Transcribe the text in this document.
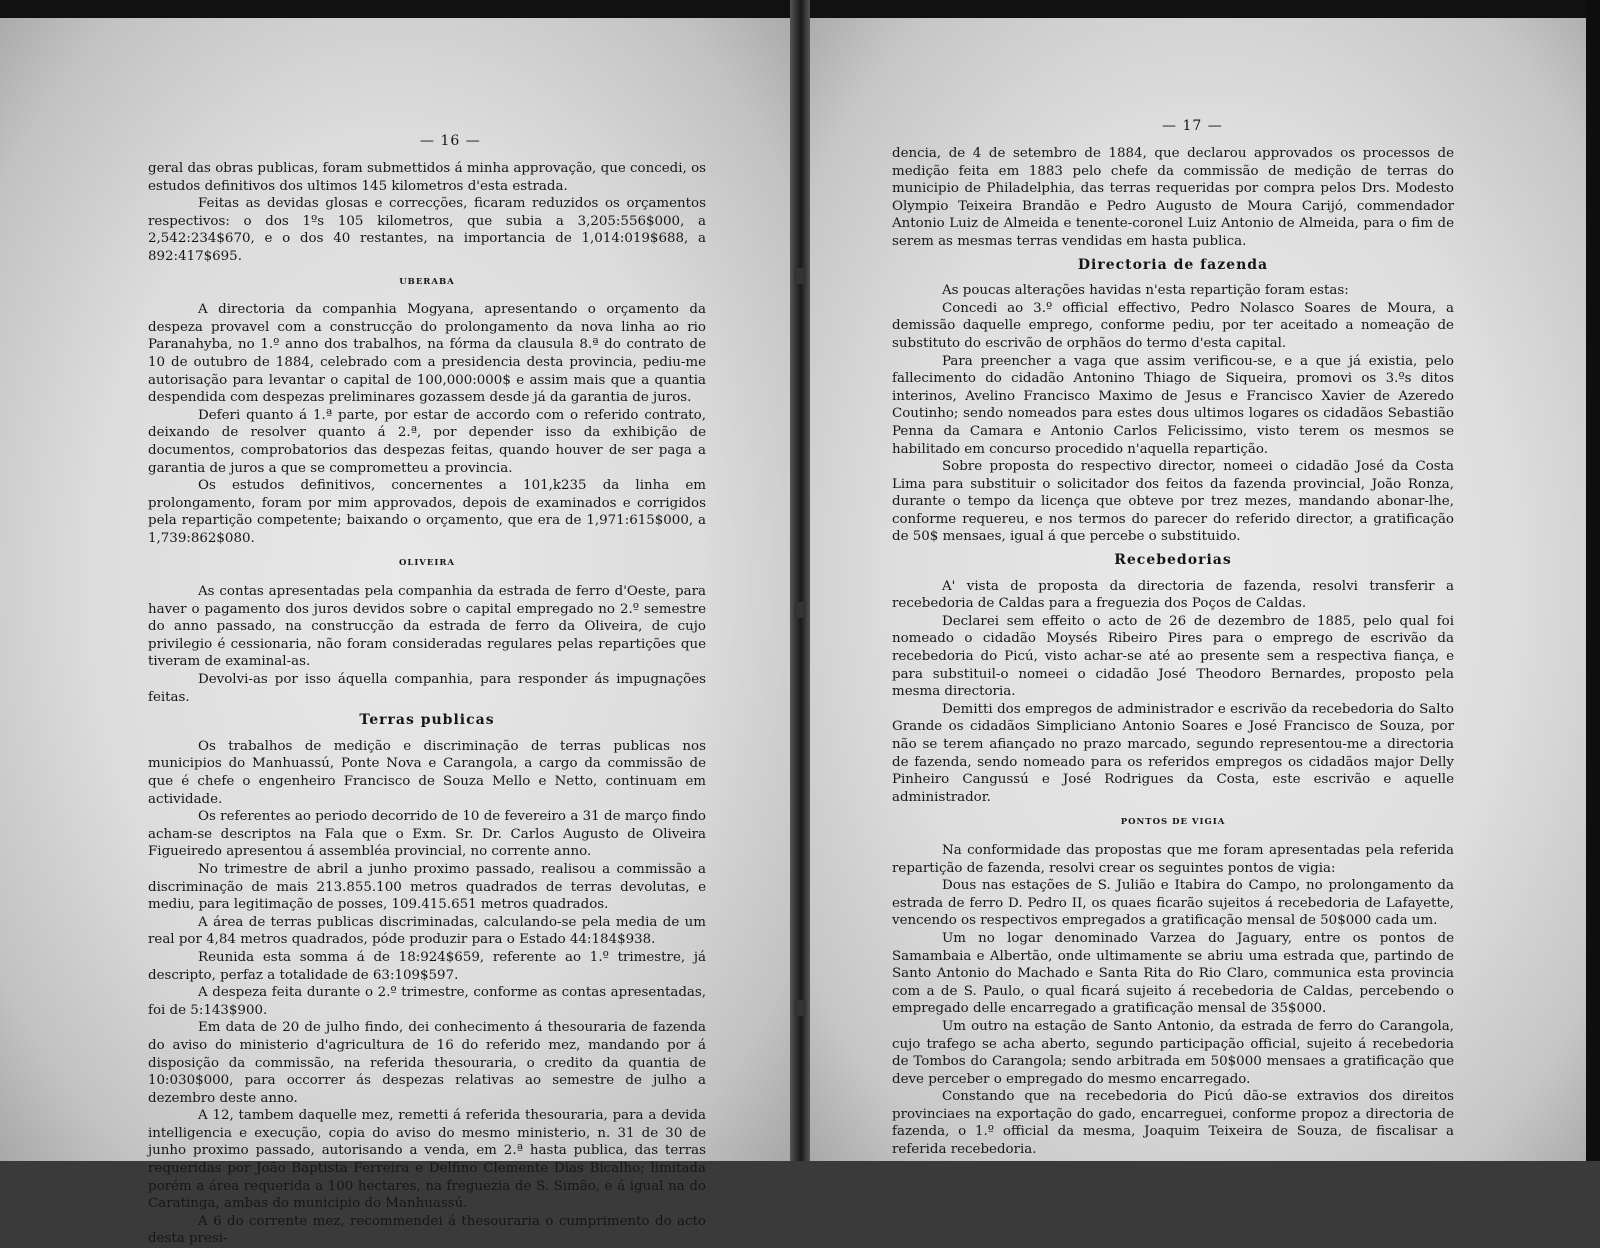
— 16 —

geral das obras publicas, foram submettidos á minha approvação, que concedi, os estudos definitivos dos ultimos 145 kilometros d'esta estrada.

Feitas as devidas glosas e correcções, ficaram reduzidos os orçamentos respectivos: o dos 1ºs 105 kilometros, que subia a 3,205:556$000, a 2,542:234$670, e o dos 40 restantes, na importancia de 1,014:019$688, a 892:417$695.

UBERABA

A directoria da companhia Mogyana, apresentando o orçamento da despeza provavel com a construcção do prolongamento da nova linha ao rio Paranahyba, no 1.º anno dos trabalhos, na fórma da clausula 8.ª do contrato de 10 de outubro de 1884, celebrado com a presidencia desta provincia, pediu-me autorisação para levantar o capital de 100,000:000$ e assim mais que a quantia despendida com despezas preliminares gozassem desde já da garantia de juros.

Deferi quanto á 1.ª parte, por estar de accordo com o referido contrato, deixando de resolver quanto á 2.ª, por depender isso da exhibição de documentos, comprobatorios das despezas feitas, quando houver de ser paga a garantia de juros a que se comprometteu a provincia.

Os estudos definitivos, concernentes a 101,k235 da linha em prolongamento, foram por mim approvados, depois de examinados e corrigidos pela repartição competente; baixando o orçamento, que era de 1,971:615$000, a 1,739:862$080.

OLIVEIRA

As contas apresentadas pela companhia da estrada de ferro d'Oeste, para haver o pagamento dos juros devidos sobre o capital empregado no 2.º semestre do anno passado, na construcção da estrada de ferro da Oliveira, de cujo privilegio é cessionaria, não foram consideradas regulares pelas repartições que tiveram de examinal-as.

Devolvi-as por isso áquella companhia, para responder ás impugnações feitas.

Terras publicas

Os trabalhos de medição e discriminação de terras publicas nos municipios do Manhuassú, Ponte Nova e Carangola, a cargo da commissão de que é chefe o engenheiro Francisco de Souza Mello e Netto, continuam em actividade.

Os referentes ao periodo decorrido de 10 de fevereiro a 31 de março findo acham-se descriptos na Fala que o Exm. Sr. Dr. Carlos Augusto de Oliveira Figueiredo apresentou á assembléa provincial, no corrente anno.

No trimestre de abril a junho proximo passado, realisou a commissão a discriminação de mais 213.855.100 metros quadrados de terras devolutas, e mediu, para legitimação de posses, 109.415.651 metros quadrados.

A área de terras publicas discriminadas, calculando-se pela media de um real por 4,84 metros quadrados, póde produzir para o Estado 44:184$938.

Reunida esta somma á de 18:924$659, referente ao 1.º trimestre, já descripto, perfaz a totalidade de 63:109$597.

A despeza feita durante o 2.º trimestre, conforme as contas apresentadas, foi de 5:143$900.

Em data de 20 de julho findo, dei conhecimento á thesouraria de fazenda do aviso do ministerio d'agricultura de 16 do referido mez, mandando por á disposição da commissão, na referida thesouraria, o credito da quantia de 10:030$000, para occorrer ás despezas relativas ao semestre de julho a dezembro deste anno.

A 12, tambem daquelle mez, remetti á referida thesouraria, para a devida intelligencia e execução, copia do aviso do mesmo ministerio, n. 31 de 30 de junho proximo passado, autorisando a venda, em 2.ª hasta publica, das terras requeridas por João Baptista Ferreira e Delfino Clemente Dias Bicalho; limitada porém a área requerida a 100 hectares, na freguezia de S. Simão, e á igual na do Caratinga, ambas do municipio do Manhuassú.

A 6 do corrente mez, recommendei á thesouraria o cumprimento do acto desta presi-

— 17 —

dencia, de 4 de setembro de 1884, que declarou approvados os processos de medição feita em 1883 pelo chefe da commissão de medição de terras do municipio de Philadelphia, das terras requeridas por compra pelos Drs. Modesto Olympio Teixeira Brandão e Pedro Augusto de Moura Carijó, commendador Antonio Luiz de Almeida e tenente-coronel Luiz Antonio de Almeida, para o fim de serem as mesmas terras vendidas em hasta publica.

Directoria de fazenda

As poucas alterações havidas n'esta repartição foram estas:

Concedi ao 3.º official effectivo, Pedro Nolasco Soares de Moura, a demissão daquelle emprego, conforme pediu, por ter aceitado a nomeação de substituto do escrivão de orphãos do termo d'esta capital.

Para preencher a vaga que assim verificou-se, e a que já existia, pelo fallecimento do cidadão Antonino Thiago de Siqueira, promovi os 3.ºs ditos interinos, Avelino Francisco Maximo de Jesus e Francisco Xavier de Azeredo Coutinho; sendo nomeados para estes dous ultimos logares os cidadãos Sebastião Penna da Camara e Antonio Carlos Felicissimo, visto terem os mesmos se habilitado em concurso procedido n'aquella repartição.

Sobre proposta do respectivo director, nomeei o cidadão José da Costa Lima para substituir o solicitador dos feitos da fazenda provincial, João Ronza, durante o tempo da licença que obteve por trez mezes, mandando abonar-lhe, conforme requereu, e nos termos do parecer do referido director, a gratificação de 50$ mensaes, igual á que percebe o substituido.

Recebedorias

A' vista de proposta da directoria de fazenda, resolvi transferir a recebedoria de Caldas para a freguezia dos Poços de Caldas.

Declarei sem effeito o acto de 26 de dezembro de 1885, pelo qual foi nomeado o cidadão Moysés Ribeiro Pires para o emprego de escrivão da recebedoria do Picú, visto achar-se até ao presente sem a respectiva fiança, e para substituil-o nomeei o cidadão José Theodoro Bernardes, proposto pela mesma directoria.

Demitti dos empregos de administrador e escrivão da recebedoria do Salto Grande os cidadãos Simpliciano Antonio Soares e José Francisco de Souza, por não se terem afiançado no prazo marcado, segundo representou-me a directoria de fazenda, sendo nomeado para os referidos empregos os cidadãos major Delly Pinheiro Cangussú e José Rodrigues da Costa, este escrivão e aquelle administrador.

PONTOS DE VIGIA

Na conformidade das propostas que me foram apresentadas pela referida repartição de fazenda, resolvi crear os seguintes pontos de vigia:

Dous nas estações de S. Julião e Itabira do Campo, no prolongamento da estrada de ferro D. Pedro II, os quaes ficarão sujeitos á recebedoria de Lafayette, vencendo os respectivos empregados a gratificação mensal de 50$000 cada um.

Um no logar denominado Varzea do Jaguary, entre os pontos de Samambaia e Albertão, onde ultimamente se abriu uma estrada que, partindo de Santo Antonio do Machado e Santa Rita do Rio Claro, communica esta provincia com a de S. Paulo, o qual ficará sujeito á recebedoria de Caldas, percebendo o empregado delle encarregado a gratificação mensal de 35$000.

Um outro na estação de Santo Antonio, da estrada de ferro do Carangola, cujo trafego se acha aberto, segundo participação official, sujeito á recebedoria de Tombos do Carangola; sendo arbitrada em 50$000 mensaes a gratificação que deve perceber o empregado do mesmo encarregado.

Constando que na recebedoria do Picú dão-se extravios dos direitos provinciaes na exportação do gado, encarreguei, conforme propoz a directoria de fazenda, o 1.º official da mesma, Joaquim Teixeira de Souza, de fiscalisar a referida recebedoria.
